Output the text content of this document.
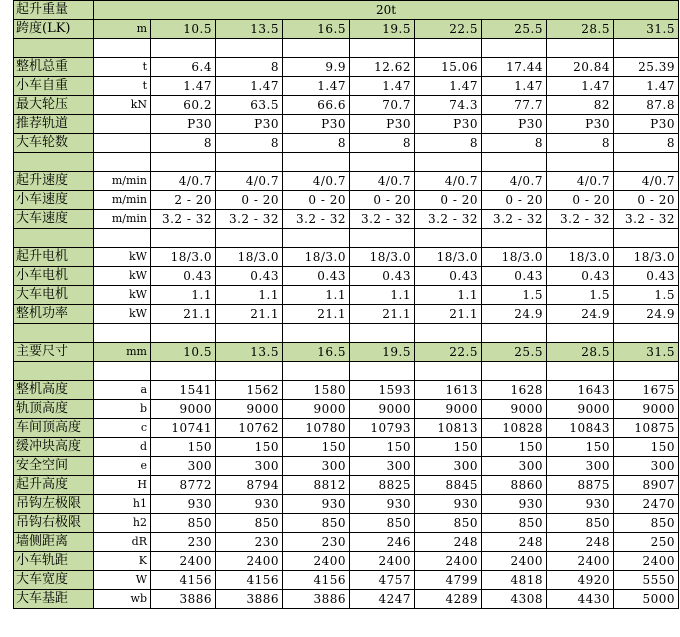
起升重量	20t								
跨度(LK)	m	10.5	13.5	16.5	19.5	22.5	25.5	28.5	31.5

整机总重	t	6.4	8	9.9	12.62	15.06	17.44	20.84	25.39
小车自重	t	1.47	1.47	1.47	1.47	1.47	1.47	1.47	1.47
最大轮压	kN	60.2	63.5	66.6	70.7	74.3	77.7	82	87.8
推荐轨道		P30	P30	P30	P30	P30	P30	P30	P30
大车轮数		8	8	8	8	8	8	8	8

起升速度	m/min	4/0.7	4/0.7	4/0.7	4/0.7	4/0.7	4/0.7	4/0.7	4/0.7
小车速度	m/min	2 - 20	0 - 20	0 - 20	0 - 20	0 - 20	0 - 20	0 - 20	0 - 20
大车速度	m/min	3.2 - 32	3.2 - 32	3.2 - 32	3.2 - 32	3.2 - 32	3.2 - 32	3.2 - 32	3.2 - 32

起升电机	kW	18/3.0	18/3.0	18/3.0	18/3.0	18/3.0	18/3.0	18/3.0	18/3.0
小车电机	kW	0.43	0.43	0.43	0.43	0.43	0.43	0.43	0.43
大车电机	kW	1.1	1.1	1.1	1.1	1.1	1.5	1.5	1.5
整机功率	kW	21.1	21.1	21.1	21.1	21.1	24.9	24.9	24.9

主要尺寸	mm	10.5	13.5	16.5	19.5	22.5	25.5	28.5	31.5

整机高度	a	1541	1562	1580	1593	1613	1628	1643	1675
轨顶高度	b	9000	9000	9000	9000	9000	9000	9000	9000
车间顶高度	c	10741	10762	10780	10793	10813	10828	10843	10875
缓冲块高度	d	150	150	150	150	150	150	150	150
安全空间	e	300	300	300	300	300	300	300	300
起升高度	H	8772	8794	8812	8825	8845	8860	8875	8907
吊钩左极限	h1	930	930	930	930	930	930	930	2470
吊钩右极限	h2	850	850	850	850	850	850	850	850
墙侧距离	dR	230	230	230	246	248	248	248	250
小车轨距	K	2400	2400	2400	2400	2400	2400	2400	2400
大车宽度	W	4156	4156	4156	4757	4799	4818	4920	5550
大车基距	wb	3886	3886	3886	4247	4289	4308	4430	5000
